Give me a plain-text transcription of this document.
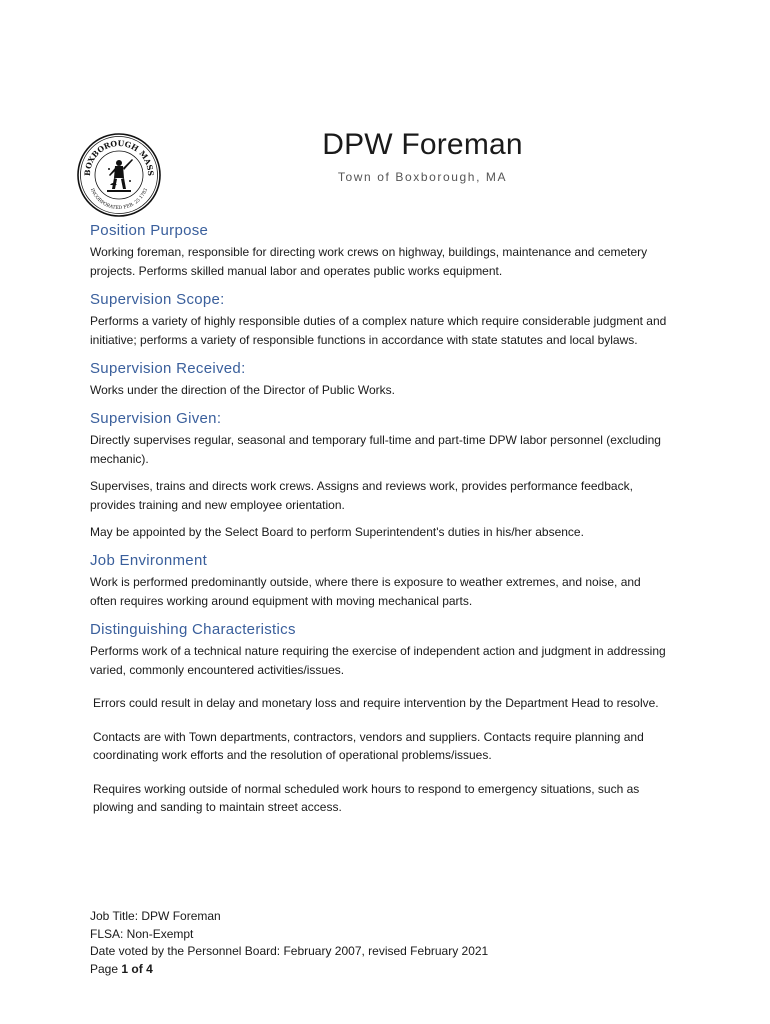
BOXBOROUGH MASS
INCORPORATED FEB. 25 1783
DPW Foreman
Town of Boxborough, MA
Position Purpose

Working foreman, responsible for directing work crews on highway, buildings, maintenance and cemetery projects. Performs skilled manual labor and operates public works equipment.

Supervision Scope:

Performs a variety of highly responsible duties of a complex nature which require considerable judgment and initiative; performs a variety of responsible functions in accordance with state statutes and local bylaws.

Supervision Received:

Works under the direction of the Director of Public Works.

Supervision Given:

Directly supervises regular, seasonal and temporary full-time and part-time DPW labor personnel (excluding mechanic).

Supervises, trains and directs work crews. Assigns and reviews work, provides performance feedback, provides training and new employee orientation.

May be appointed by the Select Board to perform Superintendent's duties in his/her absence.

Job Environment

Work is performed predominantly outside, where there is exposure to weather extremes, and noise, and often requires working around equipment with moving mechanical parts.

Distinguishing Characteristics

Performs work of a technical nature requiring the exercise of independent action and judgment in addressing varied, commonly encountered activities/issues.

Errors could result in delay and monetary loss and require intervention by the Department Head to resolve.

Contacts are with Town departments, contractors, vendors and suppliers. Contacts require planning and coordinating work efforts and the resolution of operational problems/issues.

Requires working outside of normal scheduled work hours to respond to emergency situations, such as plowing and sanding to maintain street access.

Job Title: DPW Foreman
FLSA: Non-Exempt
Date voted by the Personnel Board: February 2007, revised February 2021
Page 1 of 4
